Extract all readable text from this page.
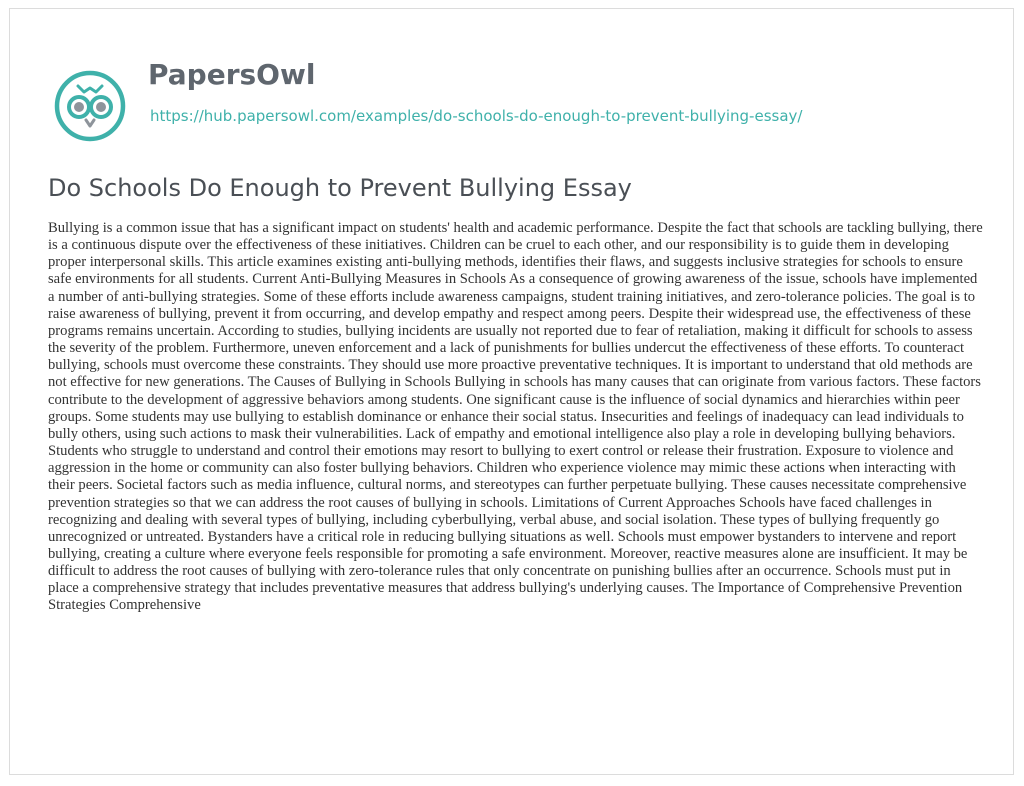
PapersOwl
https://hub.papersowl.com/examples/do-schools-do-enough-to-prevent-bullying-essay/
Do Schools Do Enough to Prevent Bullying Essay

Bullying is a common issue that has a significant impact on students' health and academic performance. Despite the fact that schools are tackling bullying, there is a continuous dispute over the effectiveness of these initiatives. Children can be cruel to each other, and our responsibility is to guide them in developing proper interpersonal skills. This article examines existing anti-bullying methods, identifies their flaws, and suggests inclusive strategies for schools to ensure safe environments for all students. Current Anti-Bullying Measures in Schools As a consequence of growing awareness of the issue, schools have implemented a number of anti-bullying strategies. Some of these efforts include awareness campaigns, student training initiatives, and zero-tolerance policies. The goal is to raise awareness of bullying, prevent it from occurring, and develop empathy and respect among peers. Despite their widespread use, the effectiveness of these programs remains uncertain. According to studies, bullying incidents are usually not reported due to fear of retaliation, making it difficult for schools to assess the severity of the problem. Furthermore, uneven enforcement and a lack of punishments for bullies undercut the effectiveness of these efforts. To counteract bullying, schools must overcome these constraints. They should use more proactive preventative techniques. It is important to understand that old methods are not effective for new generations. The Causes of Bullying in Schools Bullying in schools has many causes that can originate from various factors. These factors contribute to the development of aggressive behaviors among students. One significant cause is the influence of social dynamics and hierarchies within peer groups. Some students may use bullying to establish dominance or enhance their social status. Insecurities and feelings of inadequacy can lead individuals to bully others, using such actions to mask their vulnerabilities. Lack of empathy and emotional intelligence also play a role in developing bullying behaviors. Students who struggle to understand and control their emotions may resort to bullying to exert control or release their frustration. Exposure to violence and aggression in the home or community can also foster bullying behaviors. Children who experience violence may mimic these actions when interacting with their peers. Societal factors such as media influence, cultural norms, and stereotypes can further perpetuate bullying. These causes necessitate comprehensive prevention strategies so that we can address the root causes of bullying in schools. Limitations of Current Approaches Schools have faced challenges in recognizing and dealing with several types of bullying, including cyberbullying, verbal abuse, and social isolation. These types of bullying frequently go unrecognized or untreated. Bystanders have a critical role in reducing bullying situations as well. Schools must empower bystanders to intervene and report bullying, creating a culture where everyone feels responsible for promoting a safe environment. Moreover, reactive measures alone are insufficient. It may be difficult to address the root causes of bullying with zero-tolerance rules that only concentrate on punishing bullies after an occurrence. Schools must put in place a comprehensive strategy that includes preventative measures that address bullying's underlying causes. The Importance of Comprehensive Prevention Strategies Comprehensive
